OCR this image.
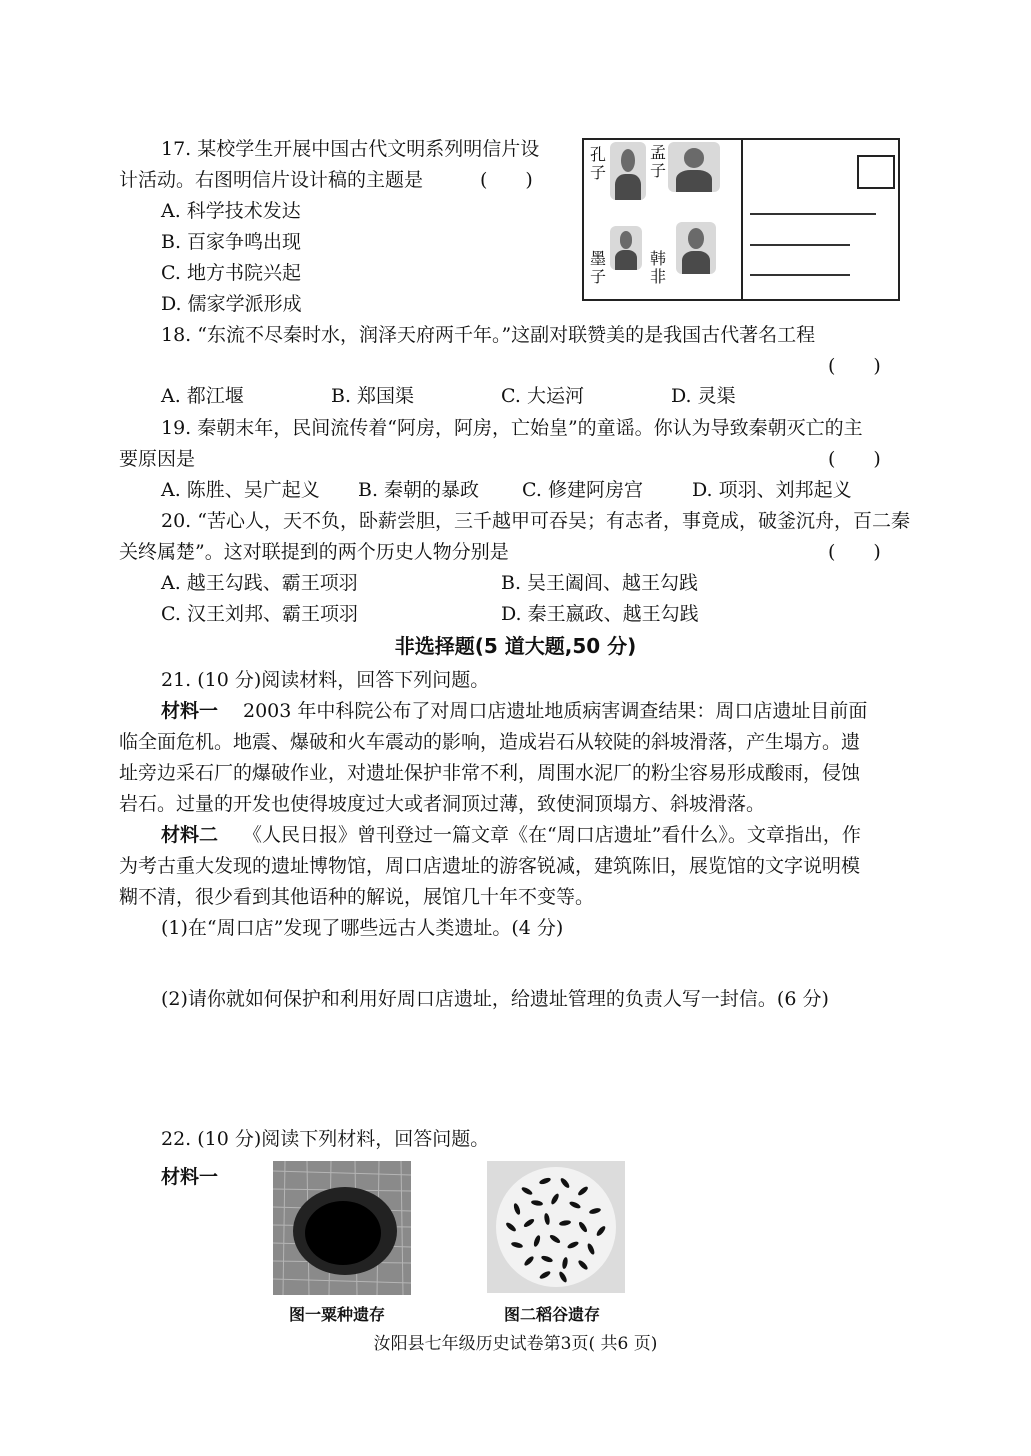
17. 某校学生开展中国古代文明系列明信片设
计活动。右图明信片设计稿的主题是	(　　)
A. 科学技术发达
B. 百家争鸣出现
C. 地方书院兴起
D. 儒家学派形成
孔子
孟子
墨子
韩非
18. “东流不尽秦时水，润泽天府两千年。”这副对联赞美的是我国古代著名工程
(　　)
A. 都江堰	B. 郑国渠	C. 大运河	D. 灵渠
19. 秦朝末年，民间流传着“阿房，阿房，亡始皇”的童谣。你认为导致秦朝灭亡的主
要原因是	(　　)
A. 陈胜、吴广起义 B. 秦朝的暴政 C. 修建阿房宫	D. 项羽、刘邦起义
20. “苦心人，天不负，卧薪尝胆，三千越甲可吞吴；有志者，事竟成，破釜沉舟，百二秦
关终属楚”。这对联提到的两个历史人物分别是	(　　)
A. 越王勾践、霸王项羽	B. 吴王阖闾、越王勾践
C. 汉王刘邦、霸王项羽	D. 秦王嬴政、越王勾践
非选择题(5 道大题,50 分)
21. (10 分)阅读材料，回答下列问题。
材料一 2003 年中科院公布了对周口店遗址地质病害调查结果：周口店遗址目前面
临全面危机。地震、爆破和火车震动的影响，造成岩石从较陡的斜坡滑落，产生塌方。遗
址旁边采石厂的爆破作业，对遗址保护非常不利，周围水泥厂的粉尘容易形成酸雨，侵蚀
岩石。过量的开发也使得坡度过大或者洞顶过薄，致使洞顶塌方、斜坡滑落。
材料二 《人民日报》曾刊登过一篇文章《在“周口店遗址”看什么》。文章指出，作
为考古重大发现的遗址博物馆，周口店遗址的游客锐减，建筑陈旧，展览馆的文字说明模
糊不清，很少看到其他语种的解说，展馆几十年不变等。
(1)在“周口店”发现了哪些远古人类遗址。(4 分)
(2)请你就如何保护和利用好周口店遗址，给遗址管理的负责人写一封信。(6 分)
22. (10 分)阅读下列材料，回答问题。
材料一
图一粟种遗存	图二稻谷遗存
汝阳县七年级历史试卷第3页( 共6 页)
